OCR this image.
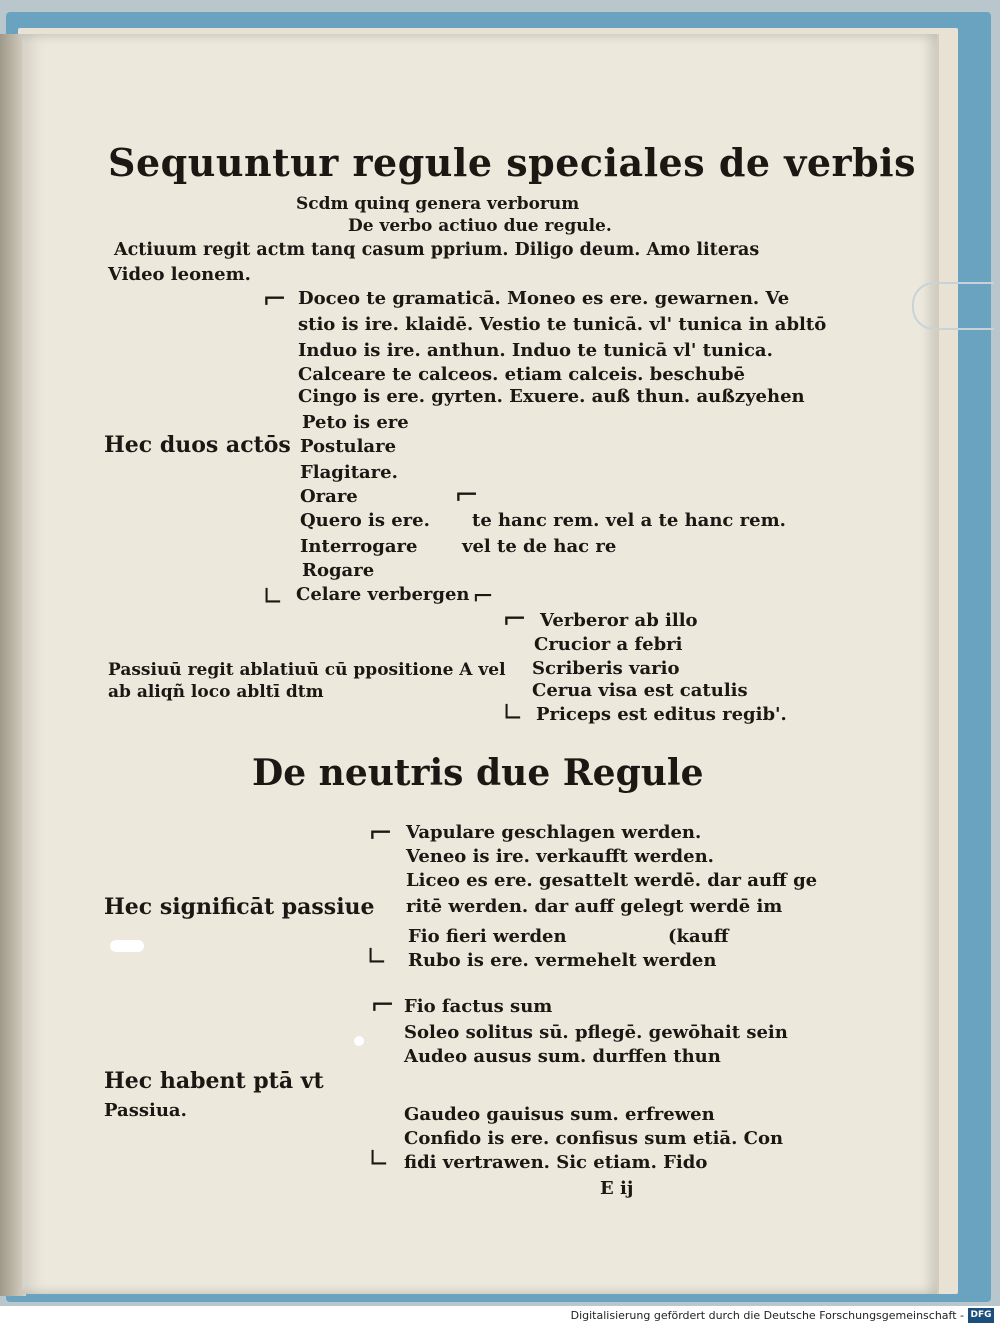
Sequuntur regule speciales de verbis
Scdm quinq genera verborum
De verbo actiuo due regule.
Actiuum regit actm tanq casum pprium. Diligo deum. Amo literas
Video leonem.
⌐ Doceo te gramaticā. Moneo es ere. gewarnen. Ve
stio is ire. klaidē. Vestio te tunicā. vl' tunica in abltō
Induo is ire. anthun. Induo te tunicā vl' tunica.
Calceare te calceos. etiam calceis. beschubē
Cingo is ere. gyrten. Exuere. auß thun. außzyehen
Hec duos actōs
Peto is ere
Postulare
Flagitare.
Orare
Quero is ere.
Interrogare
Rogare
Celare verbergen
⌐
te hanc rem. vel a te hanc rem.
vel te de hac re
∟	⌐
⌐ Verberor ab illo
Crucior a febri
Scriberis vario
Cerua visa est catulis
∟ Priceps est editus regib'.
Passiuū regit ablatiuū cū ppositione A vel
ab aliqñ loco abltī dtm
De neutris due Regule
⌐ Vapulare geschlagen werden.
Veneo is ire. verkaufft werden.
Liceo es ere. gesattelt werdē. dar auff ge
ritē werden. dar auff gelegt werdē im
Hec significāt passiue
Fio fieri werden	(kauff
∟ Rubo is ere. vermehelt werden
⌐ Fio factus sum
Soleo solitus sū. pflegē. gewōhait sein
Audeo ausus sum. durffen thun
Hec habent ptā vt
Passiua.	Gaudeo gauisus sum. erfrewen
Confido is ere. confisus sum etiā. Con
∟ fidi vertrawen. Sic etiam. Fido
E ij
Digitalisierung gefördert durch die Deutsche Forschungsgemeinschaft - DFG
